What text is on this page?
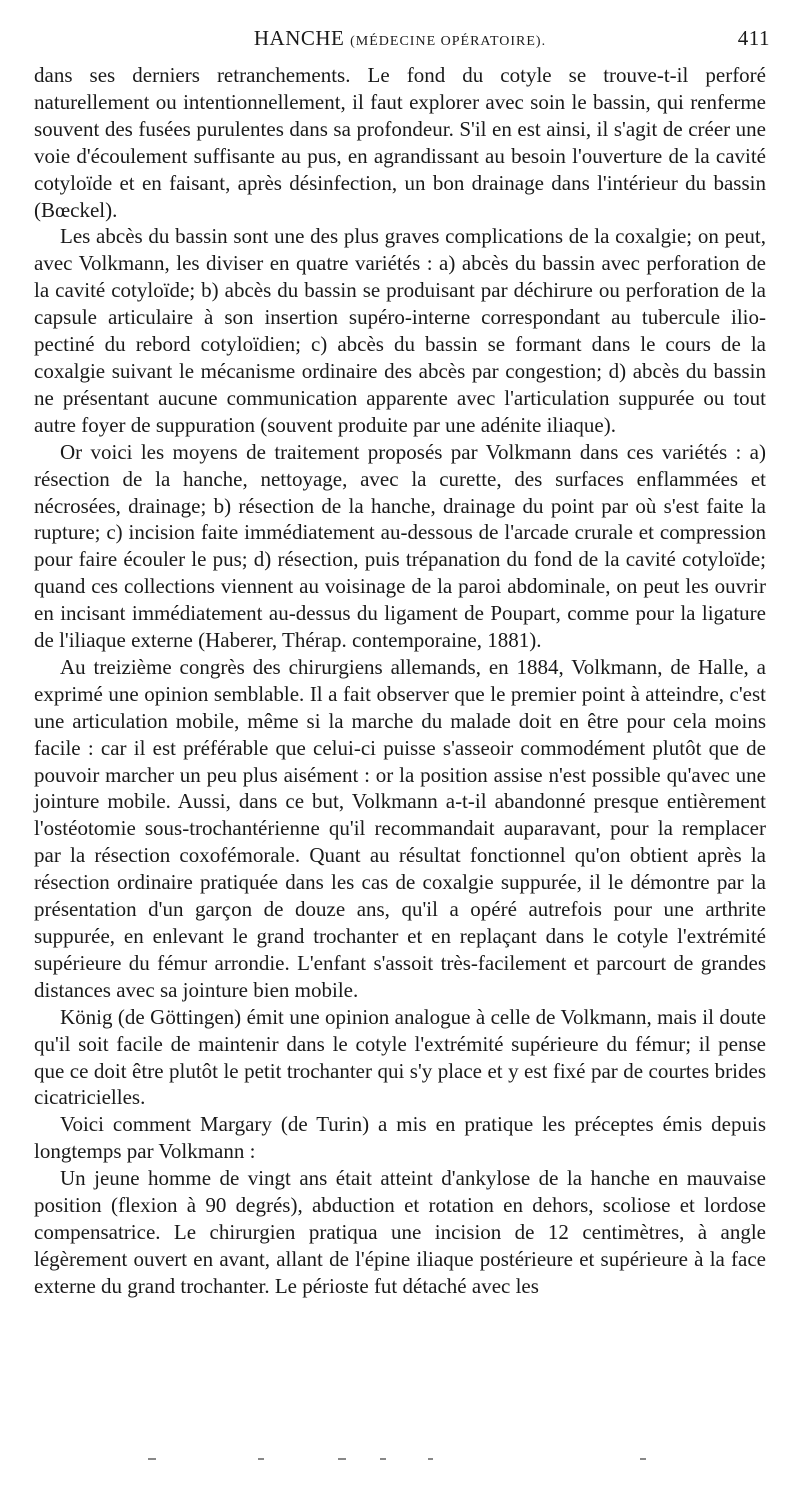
HANCHE (MÉDECINE OPÉRATOIRE).	411

dans ses derniers retranchements. Le fond du cotyle se trouve-t-il perforé naturellement ou intentionnellement, il faut explorer avec soin le bassin, qui renferme souvent des fusées purulentes dans sa profondeur. S'il en est ainsi, il s'agit de créer une voie d'écoulement suffisante au pus, en agrandissant au besoin l'ouverture de la cavité cotyloïde et en faisant, après désinfection, un bon drainage dans l'intérieur du bassin (Bœckel).

Les abcès du bassin sont une des plus graves complications de la coxalgie; on peut, avec Volkmann, les diviser en quatre variétés : a) abcès du bassin avec perforation de la cavité cotyloïde; b) abcès du bassin se produisant par déchirure ou perforation de la capsule articulaire à son insertion supéro-interne correspondant au tubercule ilio-pectiné du rebord cotyloïdien; c) abcès du bassin se formant dans le cours de la coxalgie suivant le mécanisme ordinaire des abcès par congestion; d) abcès du bassin ne présentant aucune communication apparente avec l'articulation suppurée ou tout autre foyer de suppuration (souvent produite par une adénite iliaque).

Or voici les moyens de traitement proposés par Volkmann dans ces variétés : a) résection de la hanche, nettoyage, avec la curette, des surfaces enflammées et nécrosées, drainage; b) résection de la hanche, drainage du point par où s'est faite la rupture; c) incision faite immédiatement au-dessous de l'arcade crurale et compression pour faire écouler le pus; d) résection, puis trépanation du fond de la cavité cotyloïde; quand ces collections viennent au voisinage de la paroi abdominale, on peut les ouvrir en incisant immédiatement au-dessus du ligament de Poupart, comme pour la ligature de l'iliaque externe (Haberer, Thérap. contemporaine, 1881).

Au treizième congrès des chirurgiens allemands, en 1884, Volkmann, de Halle, a exprimé une opinion semblable. Il a fait observer que le premier point à atteindre, c'est une articulation mobile, même si la marche du malade doit en être pour cela moins facile : car il est préférable que celui-ci puisse s'asseoir commodément plutôt que de pouvoir marcher un peu plus aisément : or la position assise n'est possible qu'avec une jointure mobile. Aussi, dans ce but, Volkmann a-t-il abandonné presque entièrement l'ostéotomie sous-trochantérienne qu'il recommandait auparavant, pour la remplacer par la résection coxofémorale. Quant au résultat fonctionnel qu'on obtient après la résection ordinaire pratiquée dans les cas de coxalgie suppurée, il le démontre par la présentation d'un garçon de douze ans, qu'il a opéré autrefois pour une arthrite suppurée, en enlevant le grand trochanter et en replaçant dans le cotyle l'extrémité supérieure du fémur arrondie. L'enfant s'assoit très-facilement et parcourt de grandes distances avec sa jointure bien mobile.

König (de Göttingen) émit une opinion analogue à celle de Volkmann, mais il doute qu'il soit facile de maintenir dans le cotyle l'extrémité supérieure du fémur; il pense que ce doit être plutôt le petit trochanter qui s'y place et y est fixé par de courtes brides cicatricielles.

Voici comment Margary (de Turin) a mis en pratique les préceptes émis depuis longtemps par Volkmann :

Un jeune homme de vingt ans était atteint d'ankylose de la hanche en mauvaise position (flexion à 90 degrés), abduction et rotation en dehors, scoliose et lordose compensatrice. Le chirurgien pratiqua une incision de 12 centimètres, à angle légèrement ouvert en avant, allant de l'épine iliaque postérieure et supérieure à la face externe du grand trochanter. Le périoste fut détaché avec les
